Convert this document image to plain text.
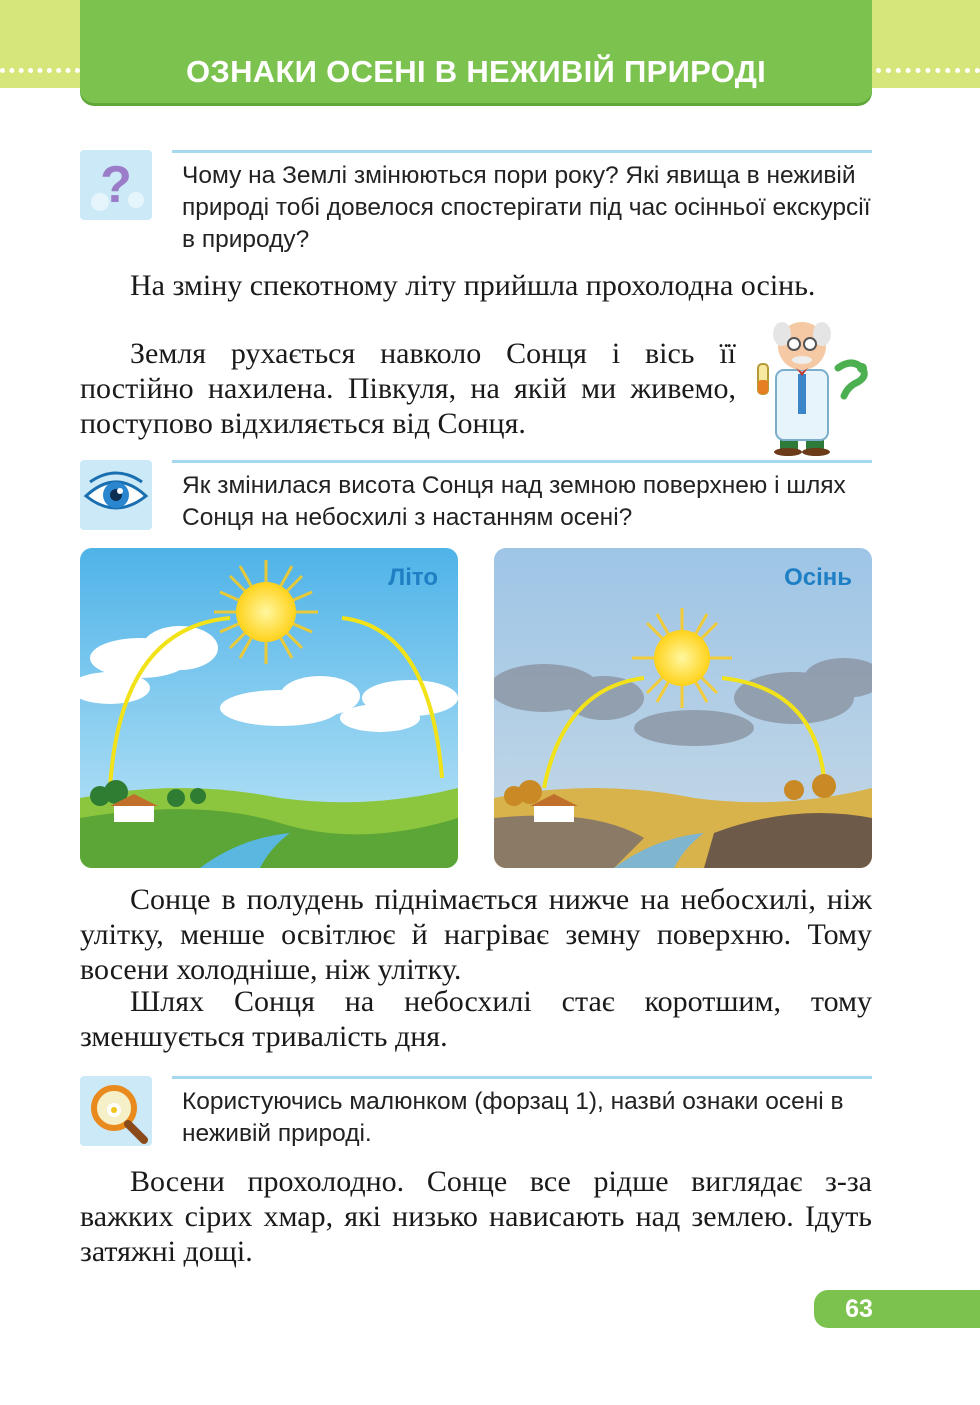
ОЗНАКИ ОСЕНІ В НЕЖИВІЙ ПРИРОДІ
? Чому на Землі змінюються пори року? Які явища в неживій природі тобі довелося спостерігати під час осінньої екскурсії в природу?
На зміну спекотному літу прийшла прохолодна осінь.
Земля рухається навколо Сонця і вісь її постійно нахилена. Півкуля, на якій ми живемо, поступово відхиляється від Сонця.
Як змінилася висота Сонця над земною поверхнею і шлях Сонця на небосхилі з настанням осені?
Літо	Осінь
Сонце в полудень піднімається нижче на небосхилі, ніж улітку, менше освітлює й нагріває земну поверхню. Тому восени холодніше, ніж улітку.
Шлях Сонця на небосхилі стає коротшим, тому зменшується тривалість дня.
Користуючись малюнком (форзац 1), назви́ ознаки осені в неживій природі.
Восени прохолодно. Сонце все рідше виглядає з-за важких сірих хмар, які низько нависають над землею. Ідуть затяжні дощі.
63
